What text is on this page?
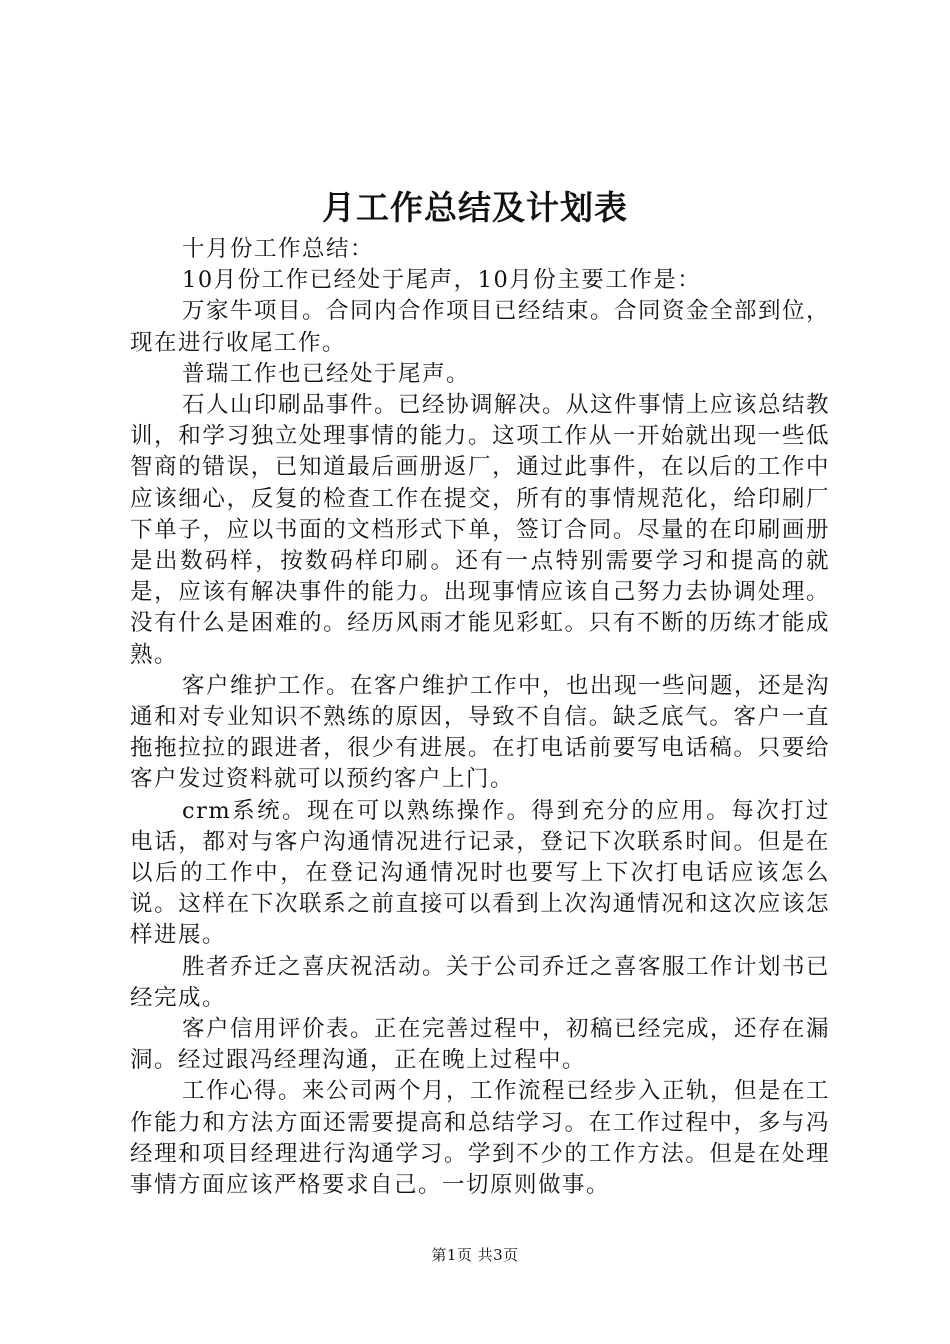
月工作总结及计划表

十月份工作总结：

10月份工作已经处于尾声，10月份主要工作是：

万家牛项目。合同内合作项目已经结束。合同资金全部到位，现在进行收尾工作。

普瑞工作也已经处于尾声。

石人山印刷品事件。已经协调解决。从这件事情上应该总结教训，和学习独立处理事情的能力。这项工作从一开始就出现一些低智商的错误，已知道最后画册返厂，通过此事件，在以后的工作中应该细心，反复的检查工作在提交，所有的事情规范化，给印刷厂下单子，应以书面的文档形式下单，签订合同。尽量的在印刷画册是出数码样，按数码样印刷。还有一点特别需要学习和提高的就是，应该有解决事件的能力。出现事情应该自己努力去协调处理。没有什么是困难的。经历风雨才能见彩虹。只有不断的历练才能成熟。

客户维护工作。在客户维护工作中，也出现一些问题，还是沟通和对专业知识不熟练的原因，导致不自信。缺乏底气。客户一直拖拖拉拉的跟进者，很少有进展。在打电话前要写电话稿。只要给客户发过资料就可以预约客户上门。

crm系统。现在可以熟练操作。得到充分的应用。每次打过电话，都对与客户沟通情况进行记录，登记下次联系时间。但是在以后的工作中，在登记沟通情况时也要写上下次打电话应该怎么说。这样在下次联系之前直接可以看到上次沟通情况和这次应该怎样进展。

胜者乔迁之喜庆祝活动。关于公司乔迁之喜客服工作计划书已经完成。

客户信用评价表。正在完善过程中，初稿已经完成，还存在漏洞。经过跟冯经理沟通，正在晚上过程中。

工作心得。来公司两个月，工作流程已经步入正轨，但是在工作能力和方法方面还需要提高和总结学习。在工作过程中，多与冯经理和项目经理进行沟通学习。学到不少的工作方法。但是在处理事情方面应该严格要求自己。一切原则做事。

第1页 共3页
